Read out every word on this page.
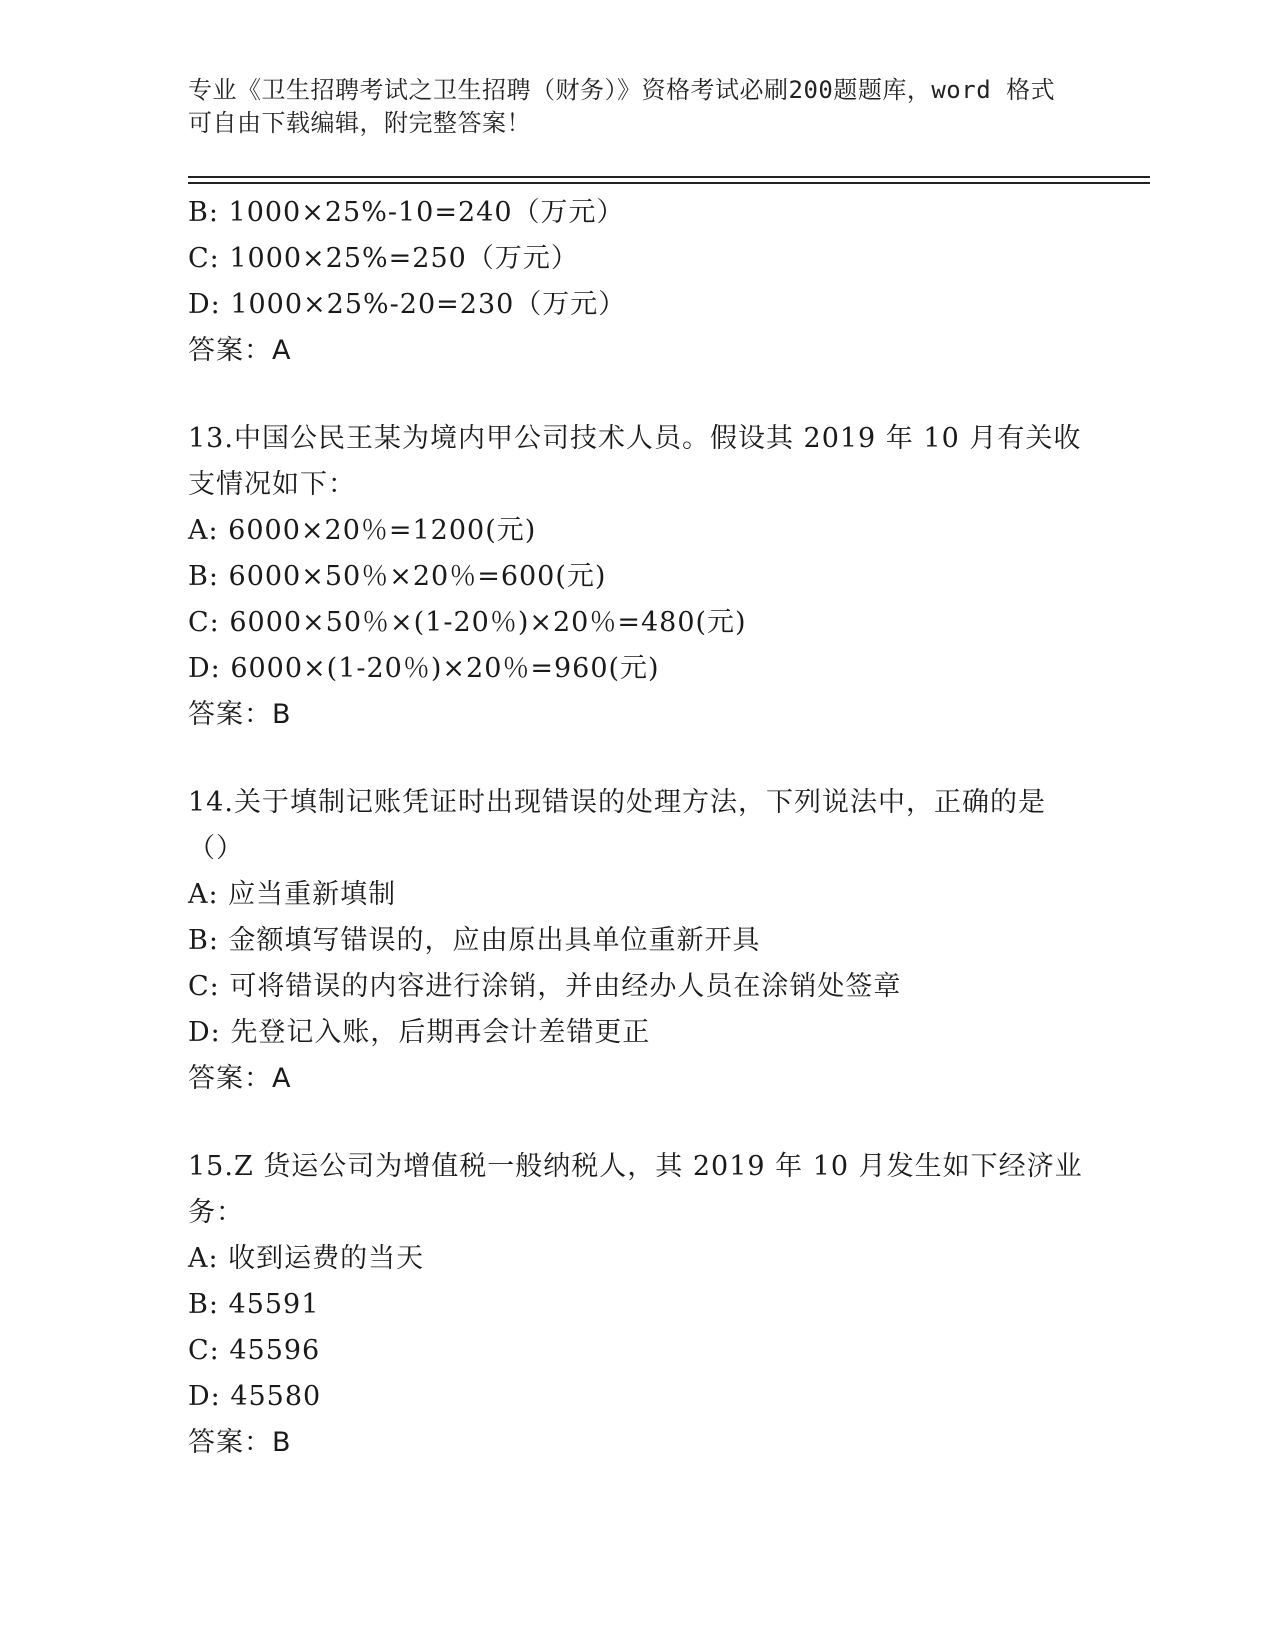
专业《卫生招聘考试之卫生招聘（财务）》资格考试必刷200题题库，word 格式
可自由下载编辑，附完整答案！
B: 1000×25%-10=240（万元）
C: 1000×25%=250（万元）
D: 1000×25%-20=230（万元）
答案：A
13.中国公民王某为境内甲公司技术人员。假设其 2019 年 10 月有关收
支情况如下：
A: 6000×20％=1200(元)
B: 6000×50％×20％=600(元)
C: 6000×50％×(1-20％)×20％=480(元)
D: 6000×(1-20％)×20％=960(元)
答案：B
14.关于填制记账凭证时出现错误的处理方法，下列说法中，正确的是
（）
A: 应当重新填制
B: 金额填写错误的，应由原出具单位重新开具
C: 可将错误的内容进行涂销，并由经办人员在涂销处签章
D: 先登记入账，后期再会计差错更正
答案：A
15.Z 货运公司为增值税一般纳税人，其 2019 年 10 月发生如下经济业
务：
A: 收到运费的当天
B: 45591
C: 45596
D: 45580
答案：B
